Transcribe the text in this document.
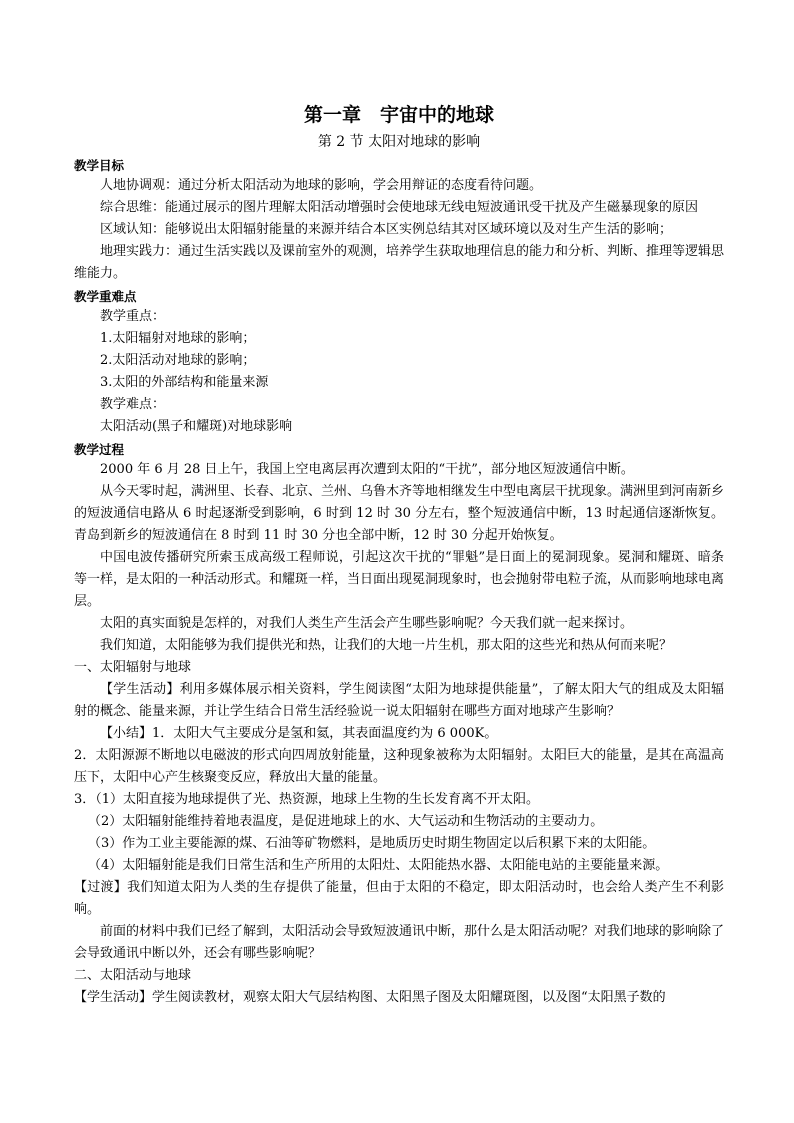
第一章　宇宙中的地球
第 2 节 太阳对地球的影响
教学目标

人地协调观：通过分析太阳活动为地球的影响，学会用辩证的态度看待问题。

综合思维：能通过展示的图片理解太阳活动增强时会使地球无线电短波通讯受干扰及产生磁暴现象的原因

区域认知：能够说出太阳辐射能量的来源并结合本区实例总结其对区域环境以及对生产生活的影响；

地理实践力：通过生活实践以及课前室外的观测，培养学生获取地理信息的能力和分析、判断、推理等逻辑思维能力。

教学重难点

教学重点：

1.太阳辐射对地球的影响；

2.太阳活动对地球的影响；

3.太阳的外部结构和能量来源

教学难点：

太阳活动(黑子和耀斑)对地球影响

教学过程

2000 年 6 月 28 日上午，我国上空电离层再次遭到太阳的“干扰”，部分地区短波通信中断。

从今天零时起，满洲里、长春、北京、兰州、乌鲁木齐等地相继发生中型电离层干扰现象。满洲里到河南新乡的短波通信电路从 6 时起逐渐受到影响，6 时到 12 时 30 分左右，整个短波通信中断，13 时起通信逐渐恢复。青岛到新乡的短波通信在 8 时到 11 时 30 分也全部中断，12 时 30 分起开始恢复。

中国电波传播研究所索玉成高级工程师说，引起这次干扰的“罪魁”是日面上的冕洞现象。冕洞和耀斑、暗条等一样，是太阳的一种活动形式。和耀斑一样，当日面出现冕洞现象时，也会抛射带电粒子流，从而影响地球电离层。

太阳的真实面貌是怎样的，对我们人类生产生活会产生哪些影响呢？今天我们就一起来探讨。

我们知道，太阳能够为我们提供光和热，让我们的大地一片生机，那太阳的这些光和热从何而来呢？

一、太阳辐射与地球

【学生活动】利用多媒体展示相关资料，学生阅读图“太阳为地球提供能量”，了解太阳大气的组成及太阳辐射的概念、能量来源，并让学生结合日常生活经验说一说太阳辐射在哪些方面对地球产生影响？

【小结】1．太阳大气主要成分是氢和氦，其表面温度约为 6 000K。

2．太阳源源不断地以电磁波的形式向四周放射能量，这种现象被称为太阳辐射。太阳巨大的能量，是其在高温高压下，太阳中心产生核聚变反应，释放出大量的能量。

3．（1）太阳直接为地球提供了光、热资源，地球上生物的生长发育离不开太阳。

（2）太阳辐射能维持着地表温度，是促进地球上的水、大气运动和生物活动的主要动力。

（3）作为工业主要能源的煤、石油等矿物燃料，是地质历史时期生物固定以后积累下来的太阳能。

（4）太阳辐射能是我们日常生活和生产所用的太阳灶、太阳能热水器、太阳能电站的主要能量来源。

【过渡】我们知道太阳为人类的生存提供了能量，但由于太阳的不稳定，即太阳活动时，也会给人类产生不利影响。

前面的材料中我们已经了解到，太阳活动会导致短波通讯中断，那什么是太阳活动呢？对我们地球的影响除了会导致通讯中断以外，还会有哪些影响呢？

二、太阳活动与地球

【学生活动】学生阅读教材，观察太阳大气层结构图、太阳黑子图及太阳耀斑图，以及图“太阳黑子数的
